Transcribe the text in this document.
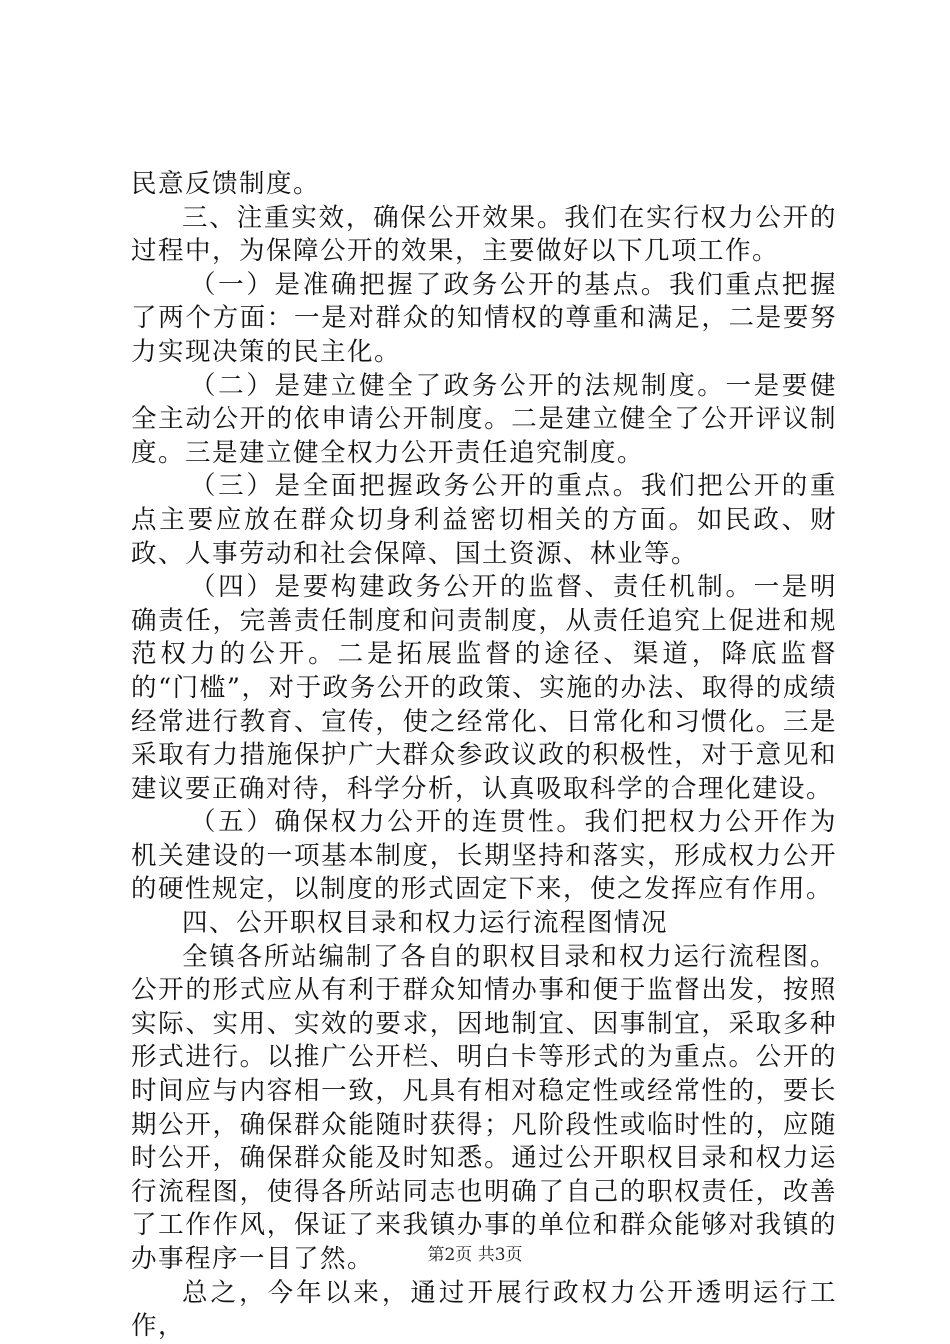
民意反馈制度。

三、注重实效，确保公开效果。我们在实行权力公开的过程中，为保障公开的效果，主要做好以下几项工作。

（一）是准确把握了政务公开的基点。我们重点把握了两个方面：一是对群众的知情权的尊重和满足，二是要努力实现决策的民主化。

（二）是建立健全了政务公开的法规制度。一是要健全主动公开的依申请公开制度。二是建立健全了公开评议制度。三是建立健全权力公开责任追究制度。

（三）是全面把握政务公开的重点。我们把公开的重点主要应放在群众切身利益密切相关的方面。如民政、财政、人事劳动和社会保障、国土资源、林业等。

（四）是要构建政务公开的监督、责任机制。一是明确责任，完善责任制度和问责制度，从责任追究上促进和规范权力的公开。二是拓展监督的途径、渠道，降底监督的“门槛”，对于政务公开的政策、实施的办法、取得的成绩经常进行教育、宣传，使之经常化、日常化和习惯化。三是采取有力措施保护广大群众参政议政的积极性，对于意见和建议要正确对待，科学分析，认真吸取科学的合理化建设。

（五）确保权力公开的连贯性。我们把权力公开作为机关建设的一项基本制度，长期坚持和落实，形成权力公开的硬性规定，以制度的形式固定下来，使之发挥应有作用。

四、公开职权目录和权力运行流程图情况

全镇各所站编制了各自的职权目录和权力运行流程图。公开的形式应从有利于群众知情办事和便于监督出发，按照实际、实用、实效的要求，因地制宜、因事制宜，采取多种形式进行。以推广公开栏、明白卡等形式的为重点。公开的时间应与内容相一致，凡具有相对稳定性或经常性的，要长期公开，确保群众能随时获得；凡阶段性或临时性的，应随时公开，确保群众能及时知悉。通过公开职权目录和权力运行流程图，使得各所站同志也明确了自己的职权责任，改善了工作作风，保证了来我镇办事的单位和群众能够对我镇的办事程序一目了然。

总之，今年以来，通过开展行政权力公开透明运行工作，

第2页 共3页
